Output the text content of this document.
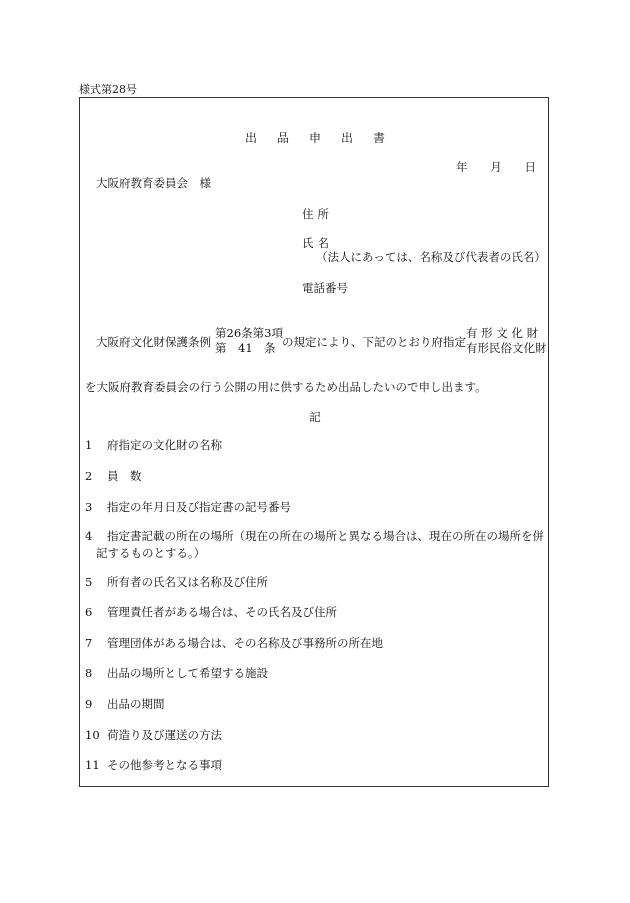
様式第28号
出品申出書
年 月 日
大阪府教育委員会　様
住所
氏名
（法人にあっては、名称及び代表者の氏名）
電話番号
大阪府文化財保護条例
第26条第3項
第　41　条 の規定により、下記のとおり府指定
有 形 文 化 財
有形民俗文化財
を大阪府教育委員会の行う公開の用に供するため出品したいので申し出ます。
記
1 府指定の文化財の名称
2 員　数
3 指定の年月日及び指定書の記号番号
4 指定書記載の所在の場所（現在の所在の場所と異なる場合は、現在の所在の場所を併
記するものとする。）
5 所有者の氏名又は名称及び住所
6 管理責任者がある場合は、その氏名及び住所
7 管理団体がある場合は、その名称及び事務所の所在地
8 出品の場所として希望する施設
9 出品の期間
10 荷造り及び運送の方法
11 その他参考となる事項
